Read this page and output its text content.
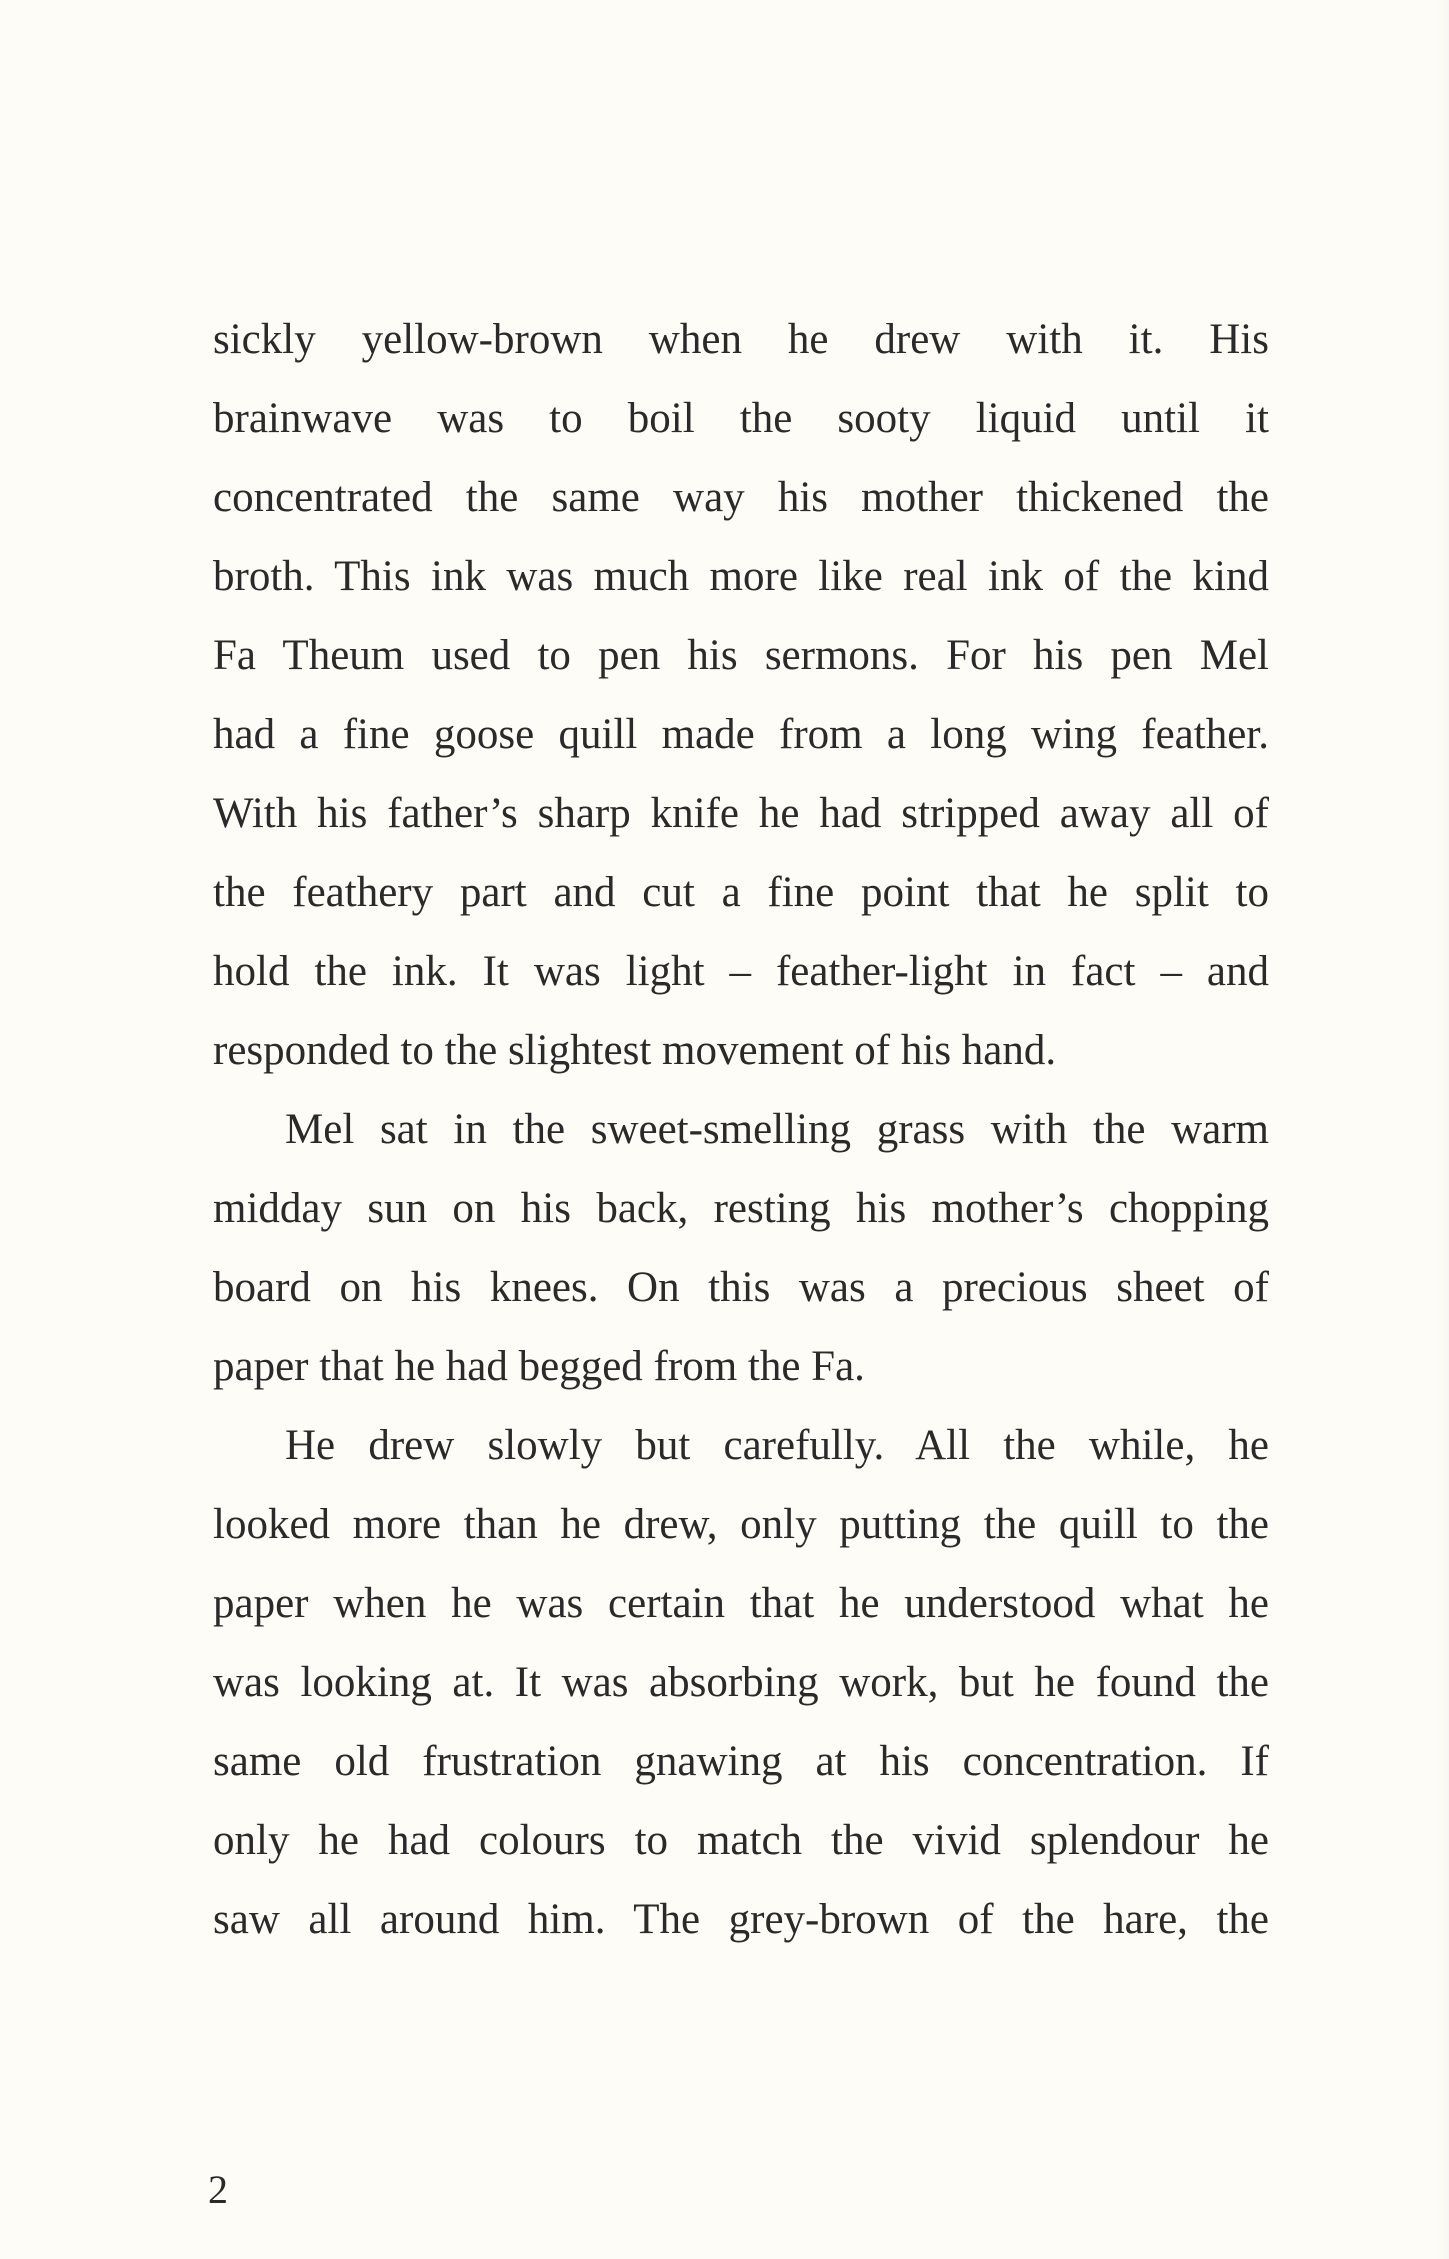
sickly yellow-brown when he drew with it. His
brainwave was to boil the sooty liquid until it
concentrated the same way his mother thickened the
broth. This ink was much more like real ink of the kind
Fa Theum used to pen his sermons. For his pen Mel
had a fine goose quill made from a long wing feather.
With his father’s sharp knife he had stripped away all of
the feathery part and cut a fine point that he split to
hold the ink. It was light – feather-light in fact – and
responded to the slightest movement of his hand.

Mel sat in the sweet-smelling grass with the warm
midday sun on his back, resting his mother’s chopping
board on his knees. On this was a precious sheet of
paper that he had begged from the Fa.

He drew slowly but carefully. All the while, he
looked more than he drew, only putting the quill to the
paper when he was certain that he understood what he
was looking at. It was absorbing work, but he found the
same old frustration gnawing at his concentration. If
only he had colours to match the vivid splendour he
saw all around him. The grey-brown of the hare, the

2
